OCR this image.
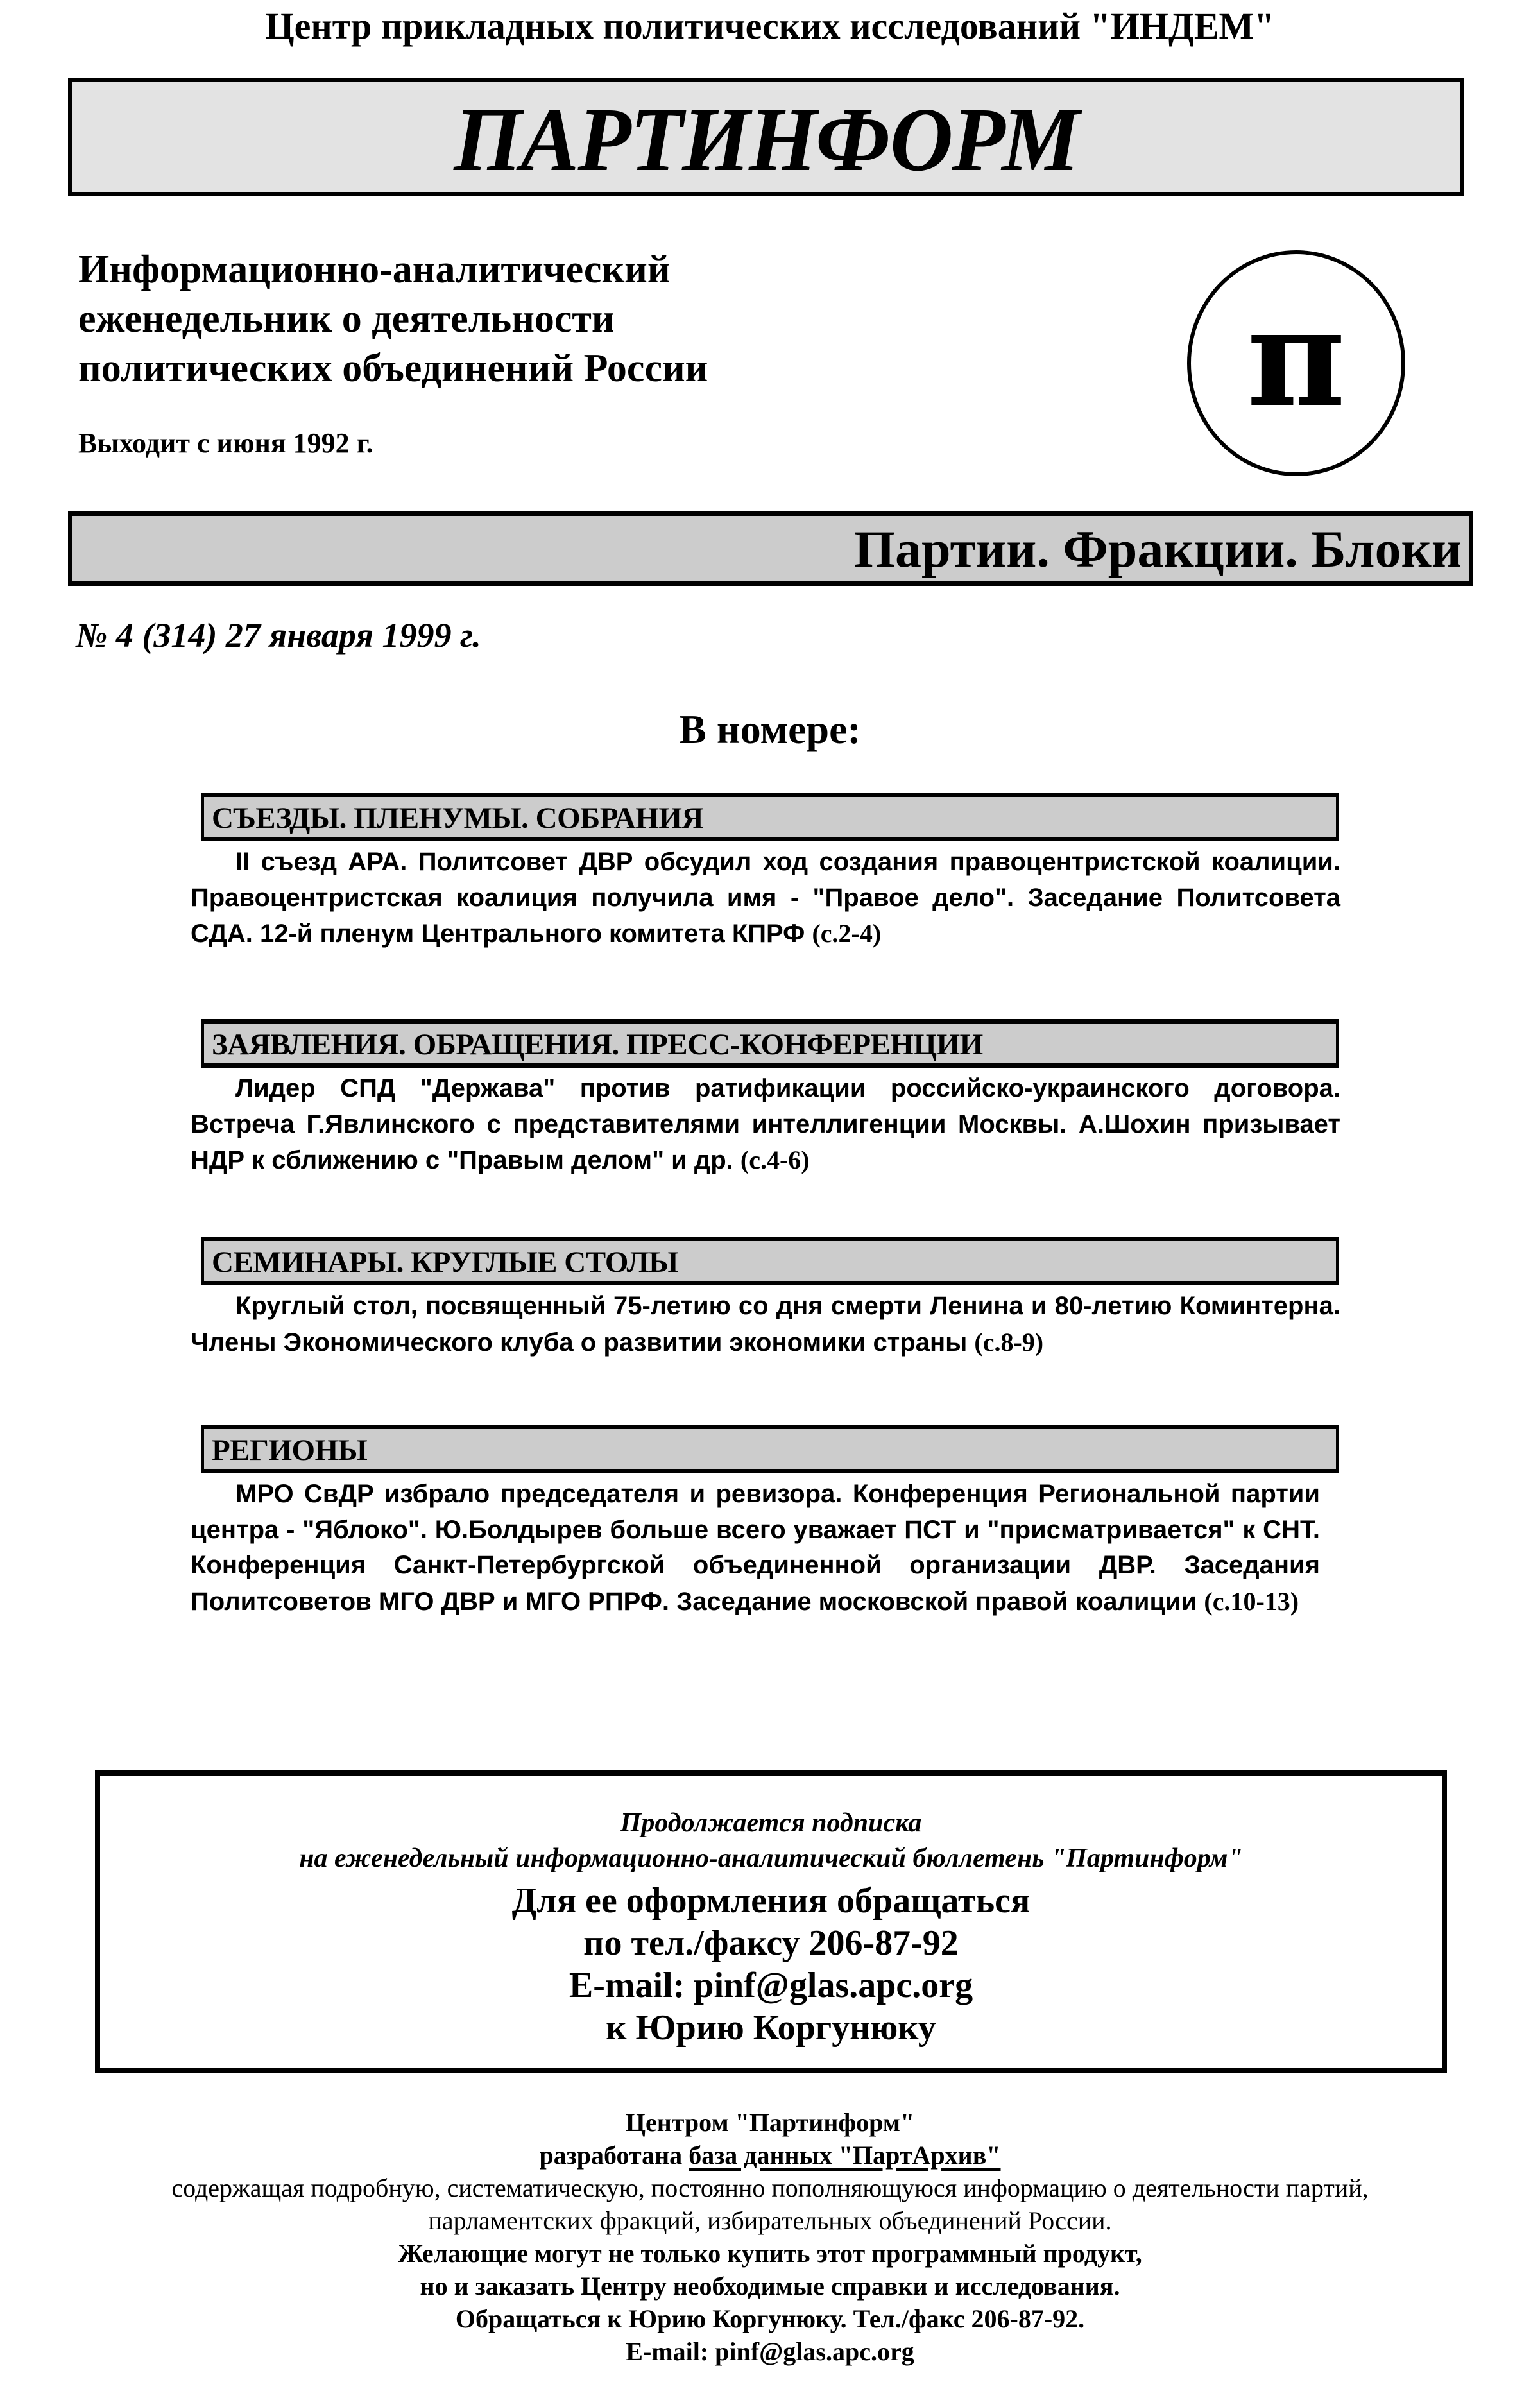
Центр прикладных политических исследований "ИНДЕМ"
ПАРТИНФОРМ
Информационно-аналитический
еженедельник о деятельности
политических объединений России
Выходит с июня 1992 г.
π
Партии. Фракции. Блоки
№ 4 (314) 27 января 1999 г.
В номере:
СЪЕЗДЫ. ПЛЕНУМЫ. СОБРАНИЯ
II съезд АРА. Политсовет ДВР обсудил ход создания правоцентристской коалиции. Правоцентристская коалиция получила имя - "Правое дело". Заседание Политсовета СДА. 12-й пленум Центрального комитета КПРФ (с.2-4)
ЗАЯВЛЕНИЯ. ОБРАЩЕНИЯ. ПРЕСС-КОНФЕРЕНЦИИ
Лидер СПД "Держава" против ратификации российско-украинского договора. Встреча Г.Явлинского с представителями интеллигенции Москвы. А.Шохин призывает НДР к сближению с "Правым делом" и др. (с.4-6)
СЕМИНАРЫ. КРУГЛЫЕ СТОЛЫ
Круглый стол, посвященный 75-летию со дня смерти Ленина и 80-летию Коминтерна. Члены Экономического клуба о развитии экономики страны (с.8-9)
РЕГИОНЫ
МРО СвДР избрало председателя и ревизора. Конференция Региональной партии центра - "Яблоко". Ю.Болдырев больше всего уважает ПСТ и "присматривается" к СНТ. Конференция Санкт-Петербургской объединенной организации ДВР. Заседания Политсоветов МГО ДВР и МГО РПРФ. Заседание московской правой коалиции (с.10-13)
Продолжается подписка
на еженедельный информационно-аналитический бюллетень "Партинформ"
Для ее оформления обращаться
по тел./факсу 206-87-92
E-mail: pinf@glas.apc.org
к Юрию Коргунюку
Центром "Партинформ"
разработана база данных "ПартАрхив"
содержащая подробную, систематическую, постоянно пополняющуюся информацию о деятельности партий,
парламентских фракций, избирательных объединений России.
Желающие могут не только купить этот программный продукт,
но и заказать Центру необходимые справки и исследования.
Обращаться к Юрию Коргунюку. Тел./факс 206-87-92.
E-mail: pinf@glas.apc.org
